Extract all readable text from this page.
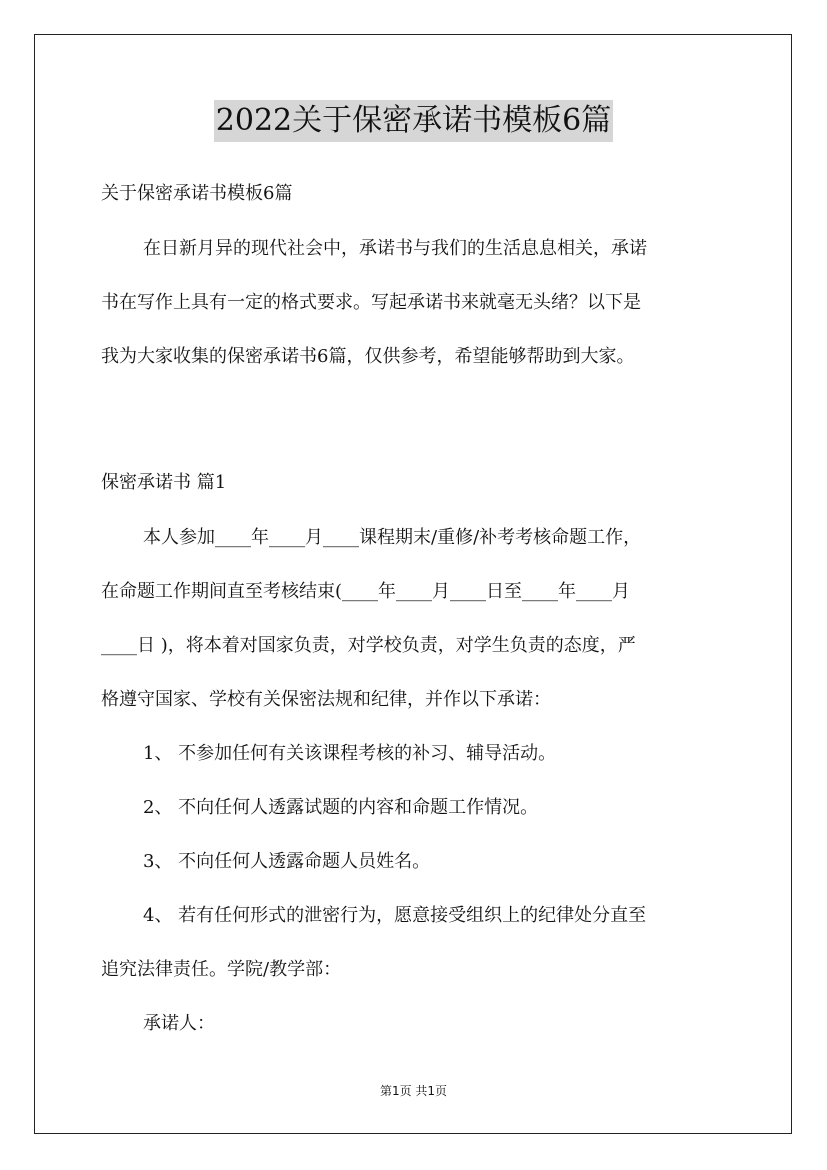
2022关于保密承诺书模板6篇
关于保密承诺书模板6篇
在日新月异的现代社会中，承诺书与我们的生活息息相关，承诺
书在写作上具有一定的格式要求。写起承诺书来就毫无头绪？以下是
我为大家收集的保密承诺书6篇，仅供参考，希望能够帮助到大家。
保密承诺书 篇1
本人参加____年____月____课程期末/重修/补考考核命题工作，
在命题工作期间直至考核结束(____年____月____日至____年____月
____日 )，将本着对国家负责，对学校负责，对学生负责的态度，严
格遵守国家、学校有关保密法规和纪律，并作以下承诺：
1、 不参加任何有关该课程考核的补习、辅导活动。
2、 不向任何人透露试题的内容和命题工作情况。
3、 不向任何人透露命题人员姓名。
4、 若有任何形式的泄密行为，愿意接受组织上的纪律处分直至
追究法律责任。学院/教学部：
承诺人：
第1页 共1页
